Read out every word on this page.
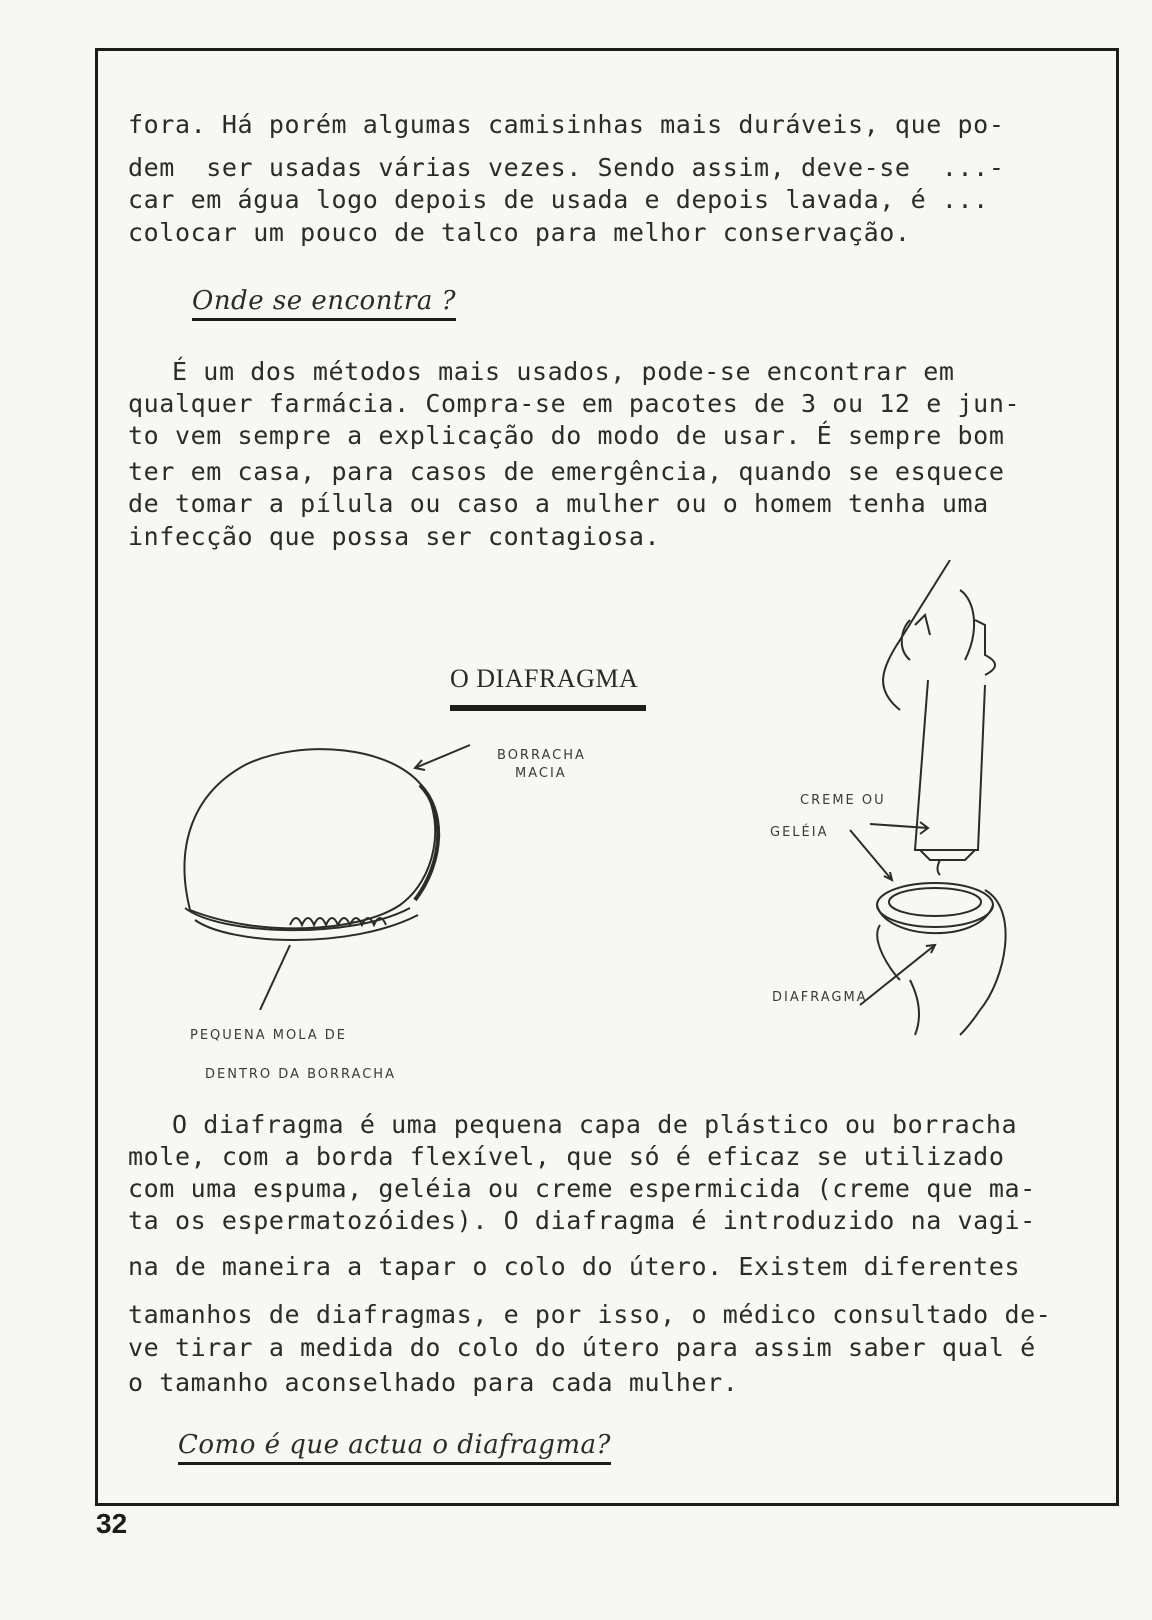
fora. Há porém algumas camisinhas mais duráveis, que po-
dem  ser usadas várias vezes. Sendo assim, deve-se  ...-
car em água logo depois de usada e depois lavada, é ...
colocar um pouco de talco para melhor conservação.
Onde se encontra ?
É um dos métodos mais usados, pode-se encontrar em
qualquer farmácia. Compra-se em pacotes de 3 ou 12 e jun-
to vem sempre a explicação do modo de usar. É sempre bom
ter em casa, para casos de emergência, quando se esquece
de tomar a pílula ou caso a mulher ou o homem tenha uma
infecção que possa ser contagiosa.
O DIAFRAGMA
BORRACHA
MACIA
PEQUENA MOLA DE
DENTRO DA BORRACHA
CREME OU
GELÉIA
DIAFRAGMA
O diafragma é uma pequena capa de plástico ou borracha
mole, com a borda flexível, que só é eficaz se utilizado
com uma espuma, geléia ou creme espermicida (creme que ma-
ta os espermatozóides). O diafragma é introduzido na vagi-
na de maneira a tapar o colo do útero. Existem diferentes
tamanhos de diafragmas, e por isso, o médico consultado de-
ve tirar a medida do colo do útero para assim saber qual é
o tamanho aconselhado para cada mulher.
Como é que actua o diafragma?
32
